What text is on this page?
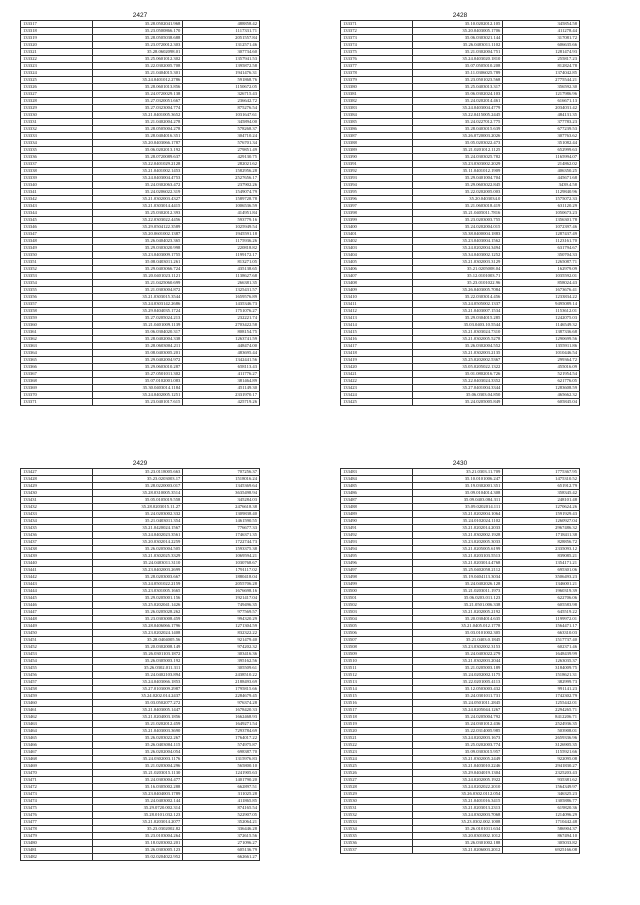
2427
133317	35.28.0502041.968	488858.42
133318	35.23.0500866.170	1117331.71
133319	35.28.0505038.688	2051557.84
133320	35.23.0720012.303	1312571.46
133321	35.28.0602098.01	307734.60
133322	35.25.0601012.302	1357941.53
133323	35.22.0302005.708	1395872.58
133324	35.21.0404015.301	1941476.31
133325	35.24.0401012.2786	591868.76
133326	35.28.0601013.856	1150672.05
133327	35.24.0720029.138	326715.43
133328	35.27.0320051.667	236642.72
133329	35.27.0323004.774	875276.54
133330	35.21.0401005.3652	1031647.61
133331	35.21.0402004.278	345894.00
133332	35.28.0505004.278	578268.37
133333	35.28.0404016.351	304710.24
133334	35.20.0403066.1787	576701.34
133335	35.06.0202013.192	279851.49
133336	35.28.0720089.637	429130.75
133337	35.22.0401029.2128	282021.62
133338	35.21.0401002.1453	1582956.28
133339	35.24.0403004.4753	2527656.17
133340	35.24.0302063.472	237902.26
133341	35.24.0206022.319	1549074.79
133342	35.21.0302003.4327	1589728.78
133343	35.21.0303014.4415	1006536.59
133344	35.25.0302012.393	414951.84
133345	35.22.0303022.4456	593779.16
133346	35.29.0504122.3589	1025949.54
133347	35.20.0601002.1387	1945591.18
133348	35.26.0404023.365	1175936.26
133349	35.29.0303020.998	220818.82
133350	35.23.0403009.1755	1199172.17
133351	35.08.0403011.261	813271.05
133352	35.29.0403066.724	435138.65
133353	35.20.0401023.1121	1138627.68
133354	35.21.0425060.699	266381.35
133355	35.21.0303004.872	1325431.57
133356	35.21.0303015.3544	1659576.89
133357	35.24.0303142.2686	1435346.73
133358	35.29.0404035.1724	1751076.27
133359	35.27.0205024.213	232221.74
133360	35.21.0401009.1139	2703422.58
133361	35.06.0304020.317	808154.75
133362	35.28.0402004.338	1263741.59
133363	35.28.0603004.211	448474.00
133364	35.08.0403005.201	483695.44
133365	35.29.0402004.972	1342441.56
133366	35.29.0603010.287	658113.43
133367	35.27.0501011.302	411776.27
133368	35.07.0102001.083	381464.89
133369	35.30.0403014.1184	451149.30
133370	35.24.0402005.1251	2331970.17
133371	35.23.0401017.615	425719.26
2428
133371	35.10.0202012.105	345854.58
133372	35.20.0403005.1706	411278.44
133373	35.06.0303021.144	317081.72
133374	35.26.0403011.1102	606635.66
133375	35.21.0302004.751	1281474.93
133376	35.24.0403020.1810	255817.23
133377	35.07.0505010.208	812824.78
133378	35.11.0306025.789	1374042.85
133379	35.23.0501023.568	2775544.21
133380	35.25.0403013.317	356592.30
133381	35.06.0302024.103	1217986.96
133382	35.24.0202014.461	616671.13
133383	35.24.0403004.4779	2034031.42
133384	35.22.0415005.2445	484131.35
133385	35.24.0227012.775	377783.23
133386	35.28.0403015.639	677239.53
133387	35.26.0720003.2026	307763.62
133388	35.05.0203022.473	351082.44
133389	35.21.0201012.1125	652999.63
133390	35.24.0303025.782	1165994.07
133391	35.23.0303002.2029	214862.02
133392	35.11.0401012.1909	406350.25
133393	35.29.0401004.704	445671.68
133394	35.29.0603022.845	3439.4.58
133395	35.22.0202005.003	1129840.96
133396	35.20.0403034.0	1575072.33
133397	35.21.0603018.419	631120.29
133398	35.21.0405011.7816	1050673.23
133399	35.23.0203003.755	1356301.78
133400	35.24.0202004.015	1072397.46
133401	35.38.0400004.1883	1287437.49
133402	35.23.0403004.1562	1123161.70
133403	35.24.0202004.3494	631794.67
133404	35.34.0403002.1252	350704.33
133405	35.21.0302003.3129	1265087.71
133406	35.21.0205008.04	162979.09
133407	35.12.0101003.71	1035592.01
133408	35.23.0101022.96	858024.43
133409	35.26.0403005.7084	1673676.41
133410	35.22.0303014.456	1233834.22
133411	35.24.0505002.1337	9495089.14
133412	35.21.0403007.1534	1153612.01
133413	35.29.0304015.285	1242075.03
133414	35.03.0403.10.5544	1146549.32
133415	35.21.0303024.7310	1387336.68
133416	35.21.0302005.5278	1290699.56
133417	35.26.0302004.552	1355911.86
133418	35.21.0302003.2135	1010446.54
133419	35.25.0202002.5367	299364.72
133420	35.05.0205022.1322	455016.09
133421	35.01.0802016.726	521954.54
133422	35.22.0403024.3352	621776.05
133423	35.27.0401004.3344	1283608.59
133424	35.06.0303.04.850	465662.32
133425	35.24.0205005.849	605845.04
2429
133427	35.23.0118005.663	707256.37
133428	35.23.0203003.17	1518016.24
133429	35.28.0220003.017	1345369.64
133430	35.28.0310005.3514	3635498.94
133431	35.05.0105019.558	345284.03
133432	35.28.0203015.11.27	2476618.38
133433	35.24.0203002.332	1309838.40
133434	35.21.0403011.354	1461590.55
133435	35.21.0420024.1567	776677.33
133436	35.24.0402023.3561	1746371.35
133437	35.20.0302014.2259	1722744.73
133438	35.26.0205004.505	1593375.38
133439	35.21.0302025.3329	1069594.21
133440	35.24.0403011.3110	1030768.67
133441	35.23.0402003.2699	1791117.02
133442	35.28.0203003.667	1880418.04
133443	35.24.0501022.2159	2055706.28
133444	35.23.0301005.1665	1676698.16
133445	35.29.0205001.156	1921417.04
133446	35.25.0202041.1426	749496.35
133447	35.26.0205028.262	977569.57
133448	35.23.0303008.459	994320.29
133449	35.28.0406066.1796	1271304.59
133450	35.23.0202024.1408	832322.22
133451	35.28.0404005.56	921479.40
133452	35.20.0302008.149	974202.32
133453	35.26.0301103.1872	303416.36
133454	35.26.0305003.192	395162.56
133455	35.26.0302.011.311	305509.61
133456	35.24.0402103.894	2438510.22
133457	35.24.0403066.1853	2188493.69
133458	35.27.0103009.2987	1795815.66
133459	35.24.0202.014.2437	2284679.45
133460	35.03.0502077.272	976374.28
133461	35.21.0403005.1447	1678420.33
133462	35.21.0204003.1856	1662468.93
133463	35.21.0202012.459	1649271.54
133464	35.21.0403003.3690	7293784.69
133465	35.26.0203022.267	1764017.22
133466	35.26.0403004.115	574975.87
133467	35.26.0202004.054	698387.70
133468	35.24.0302003.1176	1315976.83
133469	35.21.0203004.296	565800.10
133470	35.21.0203015.1130	1241905.63
133471	35.24.0303004.477	1401790.20
133472	35.16.0305002.288	662897.51
133473	35.23.0404003.1789	311025.28
133474	35.24.0403002.144	411865.85
133475	35.29.0720.002.314	874165.54
133476	35.28.0101.032.123	522907.05
133477	35.21.0203014.2077	352064.21
133478	35.23.0302002.82	336446.28
133479	35.23.0103004.264	372615.56
133480	35.18.0203002.201	271096.27
133481	35.26.0303005.123	605136.79
133482	35.02.0204022.952	662661.27
2430
133483	35.21.0303.11.709	1775367.95
133484	35.10.0101006.247	1475310.52
133485	35.19.0302001.351	651912.79
133486	35.09.0104014.308	358345.42
133487	35.09.0403.084.311	248101.48
133488	35.09.0202014.111	1270624.26
133489	35.21.0202004.1064	1591929.43
133490	35.24.0102024.1102	1260927.04
133491	35.21.0202014.2033	2967486.32
133492	35.21.0302002.1928	1718411.38
133493	35.23.0202005.3033	828856.72
133494	35.21.0205005.6199	2335093.12
133495	35.21.0203103.5513	839085.21
133496	35.21.0203014.4768	1354171.21
133497	35.25.0402058.2112	695301.06
133498	35.19.0404113.3034	3506493.23
133499	35.24.0402026.128	1346001.21
133500	35.21.0203011.1973	1960319.39
133501	35.06.0203.011.123	622706.06
133502	35.21.0501.006.338	605583.98
133503	35.21.0202005.2192	645519.22
133504	35.20.0304014.635	1199972.01
133505	35.21.0405.012.1778	1564471.17
133506	35.03.0101002.305	663310.03
133507	35.21.0403.0.1845	1517737.40
133508	35.23.0302002.3153	602371.46
133509	35.24.0403022.279	1648439.99
133510	35.21.0302003.2044	1263035.37
133511	35.21.0205003.189	3184009.75
133512	35.24.0202002.1175	1518621.31
133513	35.22.0201005.4113	382999.73
133514	35.12.0503003.432	991141.23
133515	35.24.0301011.731	1742302.79
133516	35.24.0501011.2845	1255442.01
133517	35.24.0205044.1267	2294265.71
133518	35.24.0205004.792	8412206.71
133519	35.24.0301012.436	2524936.35
133520	35.22.0314005.985	503908.01
133521	35.24.0202003.1673	2659336.96
133522	35.25.0202003.774	3126905.35
133523	35.09.0303015.957	1155921.66
133524	35.21.0302005.2449	922095.08
133525	35.21.0403010.2246	2941830.27
133526	35.29.0404019.1304	2325203.43
133527	35.24.0202005.1922	935381.62
133528	35.24.0202022.2010	1564349.97
133529	35.26.0302.0112.054	346325.23
133530	35.21.0401016.3415	1305886.77
133531	35.21.0203013.2313	619820.36
133532	35.24.0302003.7068	1214096.29
133533	35.23.0302.002.1008	1710442.48
133534	35.26.0101011.634	586904.37
133535	35.20.0301002.1012	867494.10
133536	35.26.0301002.188	305033.82
133537	35.21.0206003.2012	6925166.08
